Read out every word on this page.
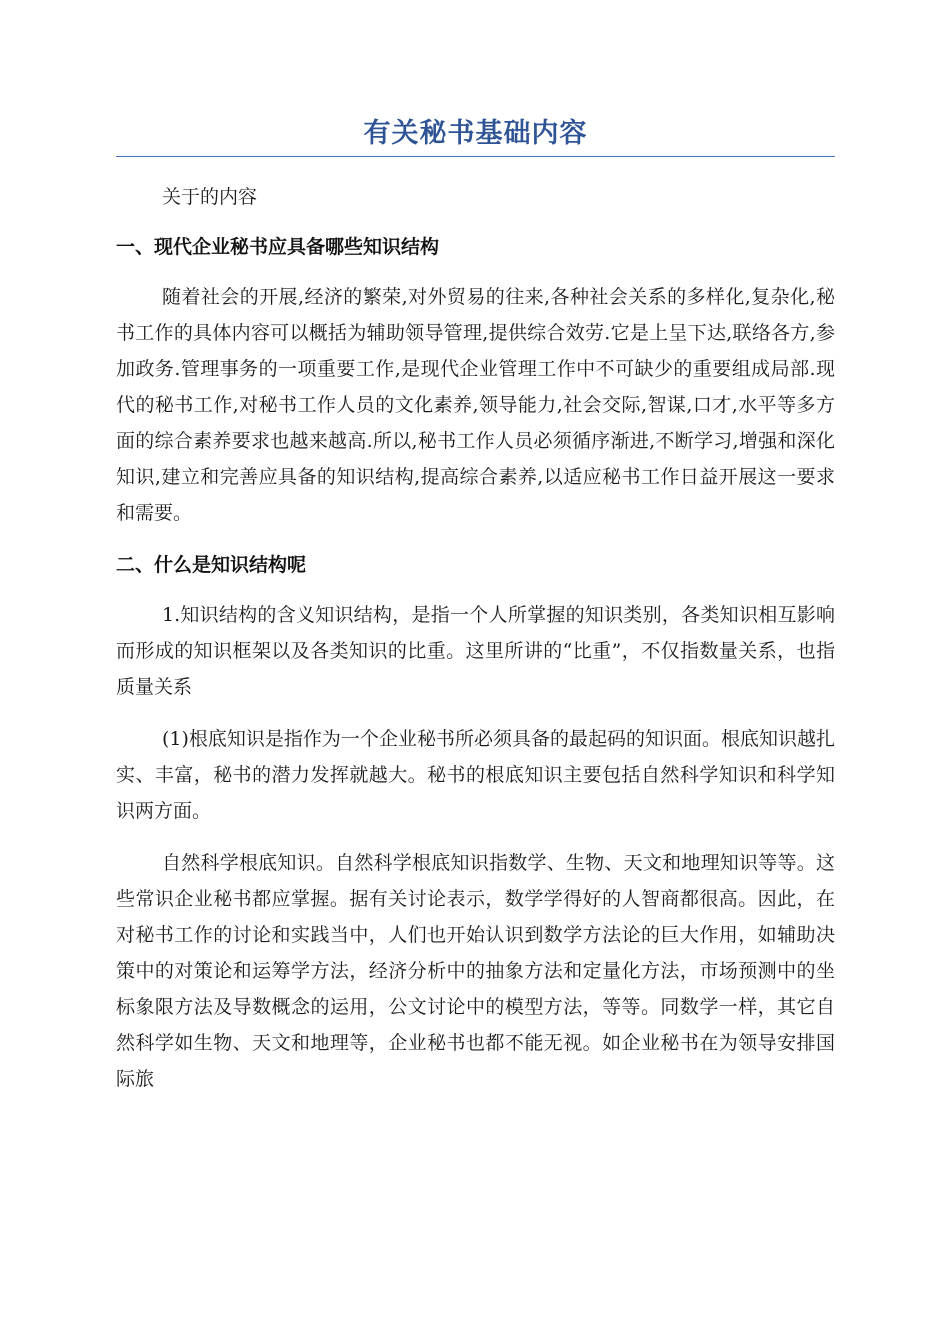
有关秘书基础内容

关于的内容

一、现代企业秘书应具备哪些知识结构

随着社会的开展,经济的繁荣,对外贸易的往来,各种社会关系的多样化,复杂化,秘书工作的具体内容可以概括为辅助领导管理,提供综合效劳.它是上呈下达,联络各方,参加政务.管理事务的一项重要工作,是现代企业管理工作中不可缺少的重要组成局部.现代的秘书工作,对秘书工作人员的文化素养,领导能力,社会交际,智谋,口才,水平等多方面的综合素养要求也越来越高.所以,秘书工作人员必须循序渐进,不断学习,增强和深化知识,建立和完善应具备的知识结构,提高综合素养,以适应秘书工作日益开展这一要求和需要。

二、什么是知识结构呢

1.知识结构的含义知识结构，是指一个人所掌握的知识类别，各类知识相互影响而形成的知识框架以及各类知识的比重。这里所讲的“比重”，不仅指数量关系，也指质量关系

(1)根底知识是指作为一个企业秘书所必须具备的最起码的知识面。根底知识越扎实、丰富，秘书的潜力发挥就越大。秘书的根底知识主要包括自然科学知识和科学知识两方面。

自然科学根底知识。自然科学根底知识指数学、生物、天文和地理知识等等。这些常识企业秘书都应掌握。据有关讨论表示，数学学得好的人智商都很高。因此，在对秘书工作的讨论和实践当中，人们也开始认识到数学方法论的巨大作用，如辅助决策中的对策论和运筹学方法，经济分析中的抽象方法和定量化方法，市场预测中的坐标象限方法及导数概念的运用，公文讨论中的模型方法，等等。同数学一样，其它自然科学如生物、天文和地理等，企业秘书也都不能无视。如企业秘书在为领导安排国际旅
